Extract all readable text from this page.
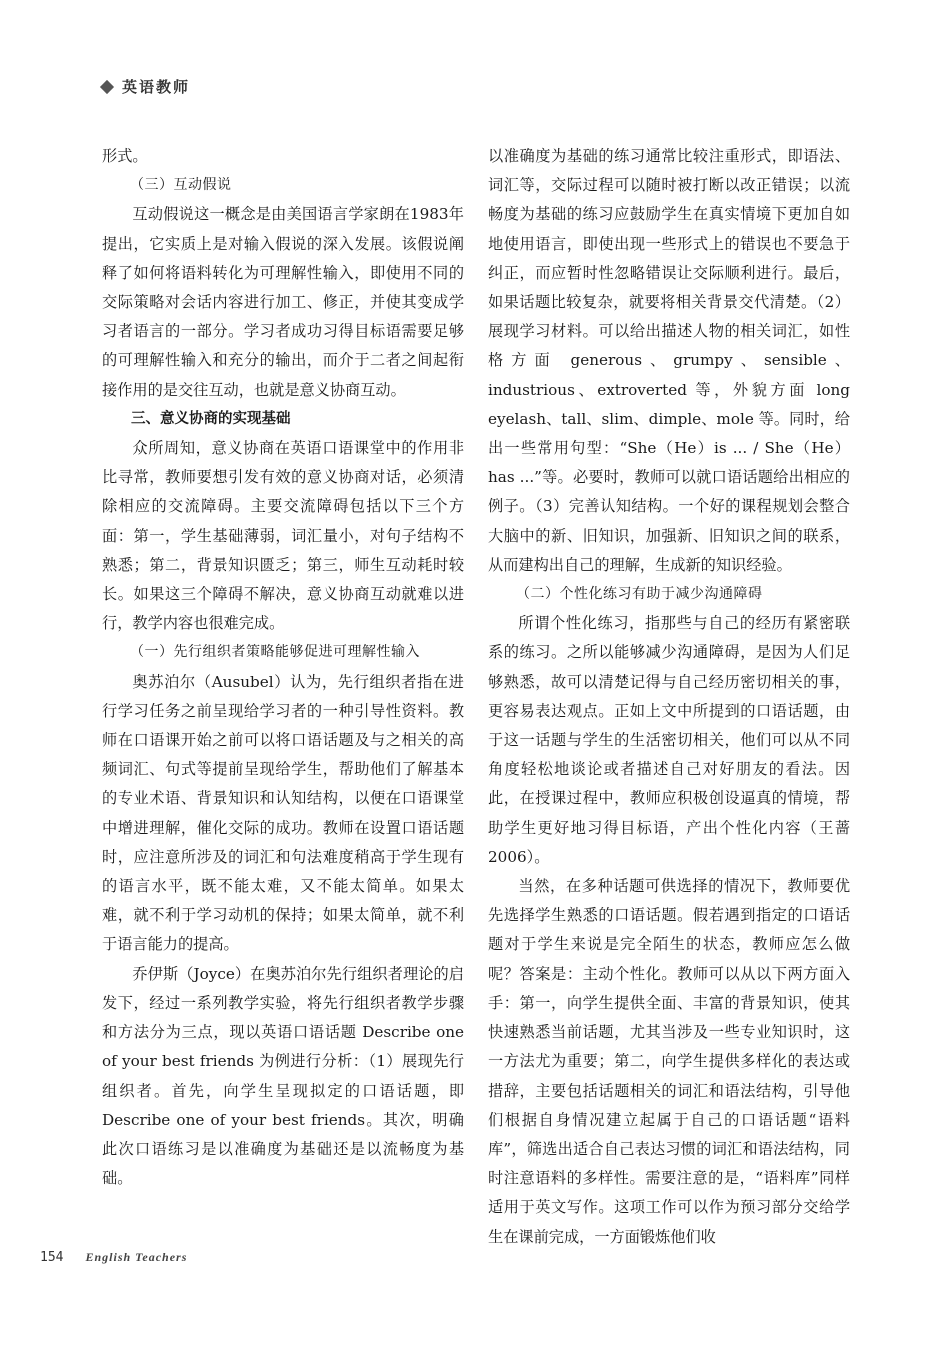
英语教师

形式。

（三）互动假说

互动假说这一概念是由美国语言学家朗在1983年提出，它实质上是对输入假说的深入发展。该假说阐释了如何将语料转化为可理解性输入，即使用不同的交际策略对会话内容进行加工、修正，并使其变成学习者语言的一部分。学习者成功习得目标语需要足够的可理解性输入和充分的输出，而介于二者之间起衔接作用的是交往互动，也就是意义协商互动。

三、意义协商的实现基础

众所周知，意义协商在英语口语课堂中的作用非比寻常，教师要想引发有效的意义协商对话，必须清除相应的交流障碍。主要交流障碍包括以下三个方面：第一，学生基础薄弱，词汇量小，对句子结构不熟悉；第二，背景知识匮乏；第三，师生互动耗时较长。如果这三个障碍不解决，意义协商互动就难以进行，教学内容也很难完成。

（一）先行组织者策略能够促进可理解性输入

奥苏泊尔（Ausubel）认为，先行组织者指在进行学习任务之前呈现给学习者的一种引导性资料。教师在口语课开始之前可以将口语话题及与之相关的高频词汇、句式等提前呈现给学生，帮助他们了解基本的专业术语、背景知识和认知结构，以便在口语课堂中增进理解，催化交际的成功。教师在设置口语话题时，应注意所涉及的词汇和句法难度稍高于学生现有的语言水平，既不能太难，又不能太简单。如果太难，就不利于学习动机的保持；如果太简单，就不利于语言能力的提高。

乔伊斯（Joyce）在奥苏泊尔先行组织者理论的启发下，经过一系列教学实验，将先行组织者教学步骤和方法分为三点，现以英语口语话题 Describe one of your best friends 为例进行分析：（1）展现先行组织者。首先，向学生呈现拟定的口语话题，即 Describe one of your best friends。其次，明确此次口语练习是以准确度为基础还是以流畅度为基础。

以准确度为基础的练习通常比较注重形式，即语法、词汇等，交际过程可以随时被打断以改正错误；以流畅度为基础的练习应鼓励学生在真实情境下更加自如地使用语言，即使出现一些形式上的错误也不要急于纠正，而应暂时性忽略错误让交际顺利进行。最后，如果话题比较复杂，就要将相关背景交代清楚。（2）展现学习材料。可以给出描述人物的相关词汇，如性格方面 generous、grumpy、sensible、industrious、extroverted 等，外貌方面 long eyelash、tall、slim、dimple、mole 等。同时，给出一些常用句型：“She（He）is ... / She（He）has ...”等。必要时，教师可以就口语话题给出相应的例子。（3）完善认知结构。一个好的课程规划会整合大脑中的新、旧知识，加强新、旧知识之间的联系，从而建构出自己的理解，生成新的知识经验。

（二）个性化练习有助于减少沟通障碍

所谓个性化练习，指那些与自己的经历有紧密联系的练习。之所以能够减少沟通障碍，是因为人们足够熟悉，故可以清楚记得与自己经历密切相关的事，更容易表达观点。正如上文中所提到的口语话题，由于这一话题与学生的生活密切相关，他们可以从不同角度轻松地谈论或者描述自己对好朋友的看法。因此，在授课过程中，教师应积极创设逼真的情境，帮助学生更好地习得目标语，产出个性化内容（王蔷 2006）。

当然，在多种话题可供选择的情况下，教师要优先选择学生熟悉的口语话题。假若遇到指定的口语话题对于学生来说是完全陌生的状态，教师应怎么做呢？答案是：主动个性化。教师可以从以下两方面入手：第一，向学生提供全面、丰富的背景知识，使其快速熟悉当前话题，尤其当涉及一些专业知识时，这一方法尤为重要；第二，向学生提供多样化的表达或措辞，主要包括话题相关的词汇和语法结构，引导他们根据自身情况建立起属于自己的口语话题“语料库”，筛选出适合自己表达习惯的词汇和语法结构，同时注意语料的多样性。需要注意的是，“语料库”同样适用于英文写作。这项工作可以作为预习部分交给学生在课前完成，一方面锻炼他们收

154 English Teachers
